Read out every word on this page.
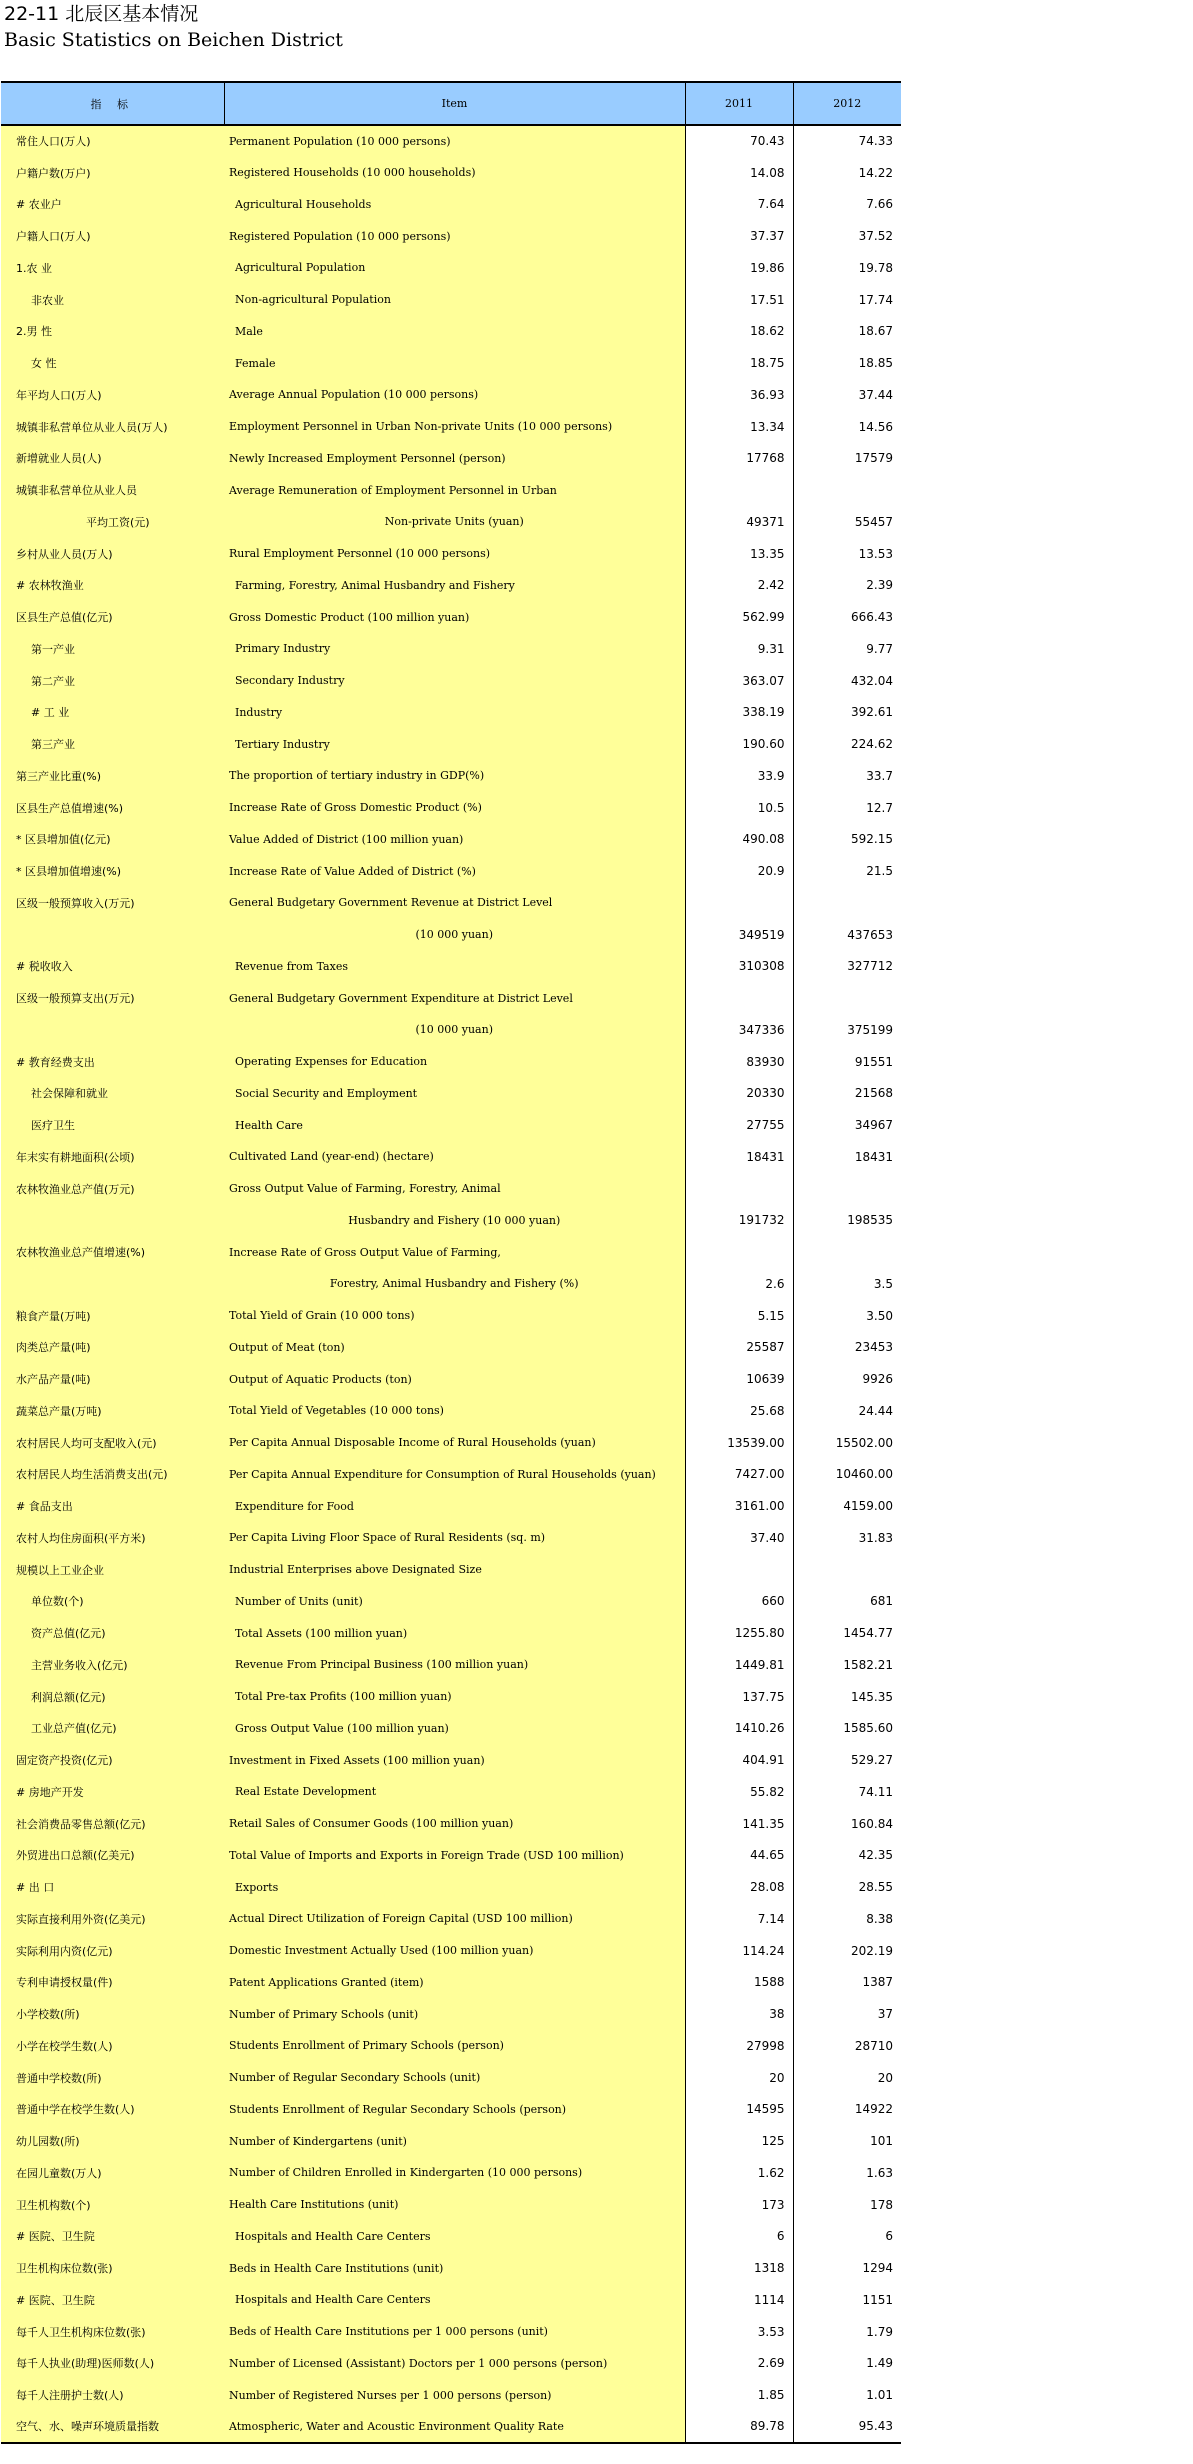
22-11 北辰区基本情况
Basic Statistics on Beichen District
指 标	Item	2011	2012
常住人口(万人)	Permanent Population (10 000 persons)	70.43	74.33
户籍户数(万户)	Registered Households (10 000 households)	14.08	14.22
# 农业户	Agricultural Households	7.64	7.66
户籍人口(万人)	Registered Population (10 000 persons)	37.37	37.52
1.农 业	Agricultural Population	19.86	19.78
非农业	Non-agricultural Population	17.51	17.74
2.男 性	Male	18.62	18.67
女 性	Female	18.75	18.85
年平均人口(万人)	Average Annual Population (10 000 persons)	36.93	37.44
城镇非私营单位从业人员(万人)	Employment Personnel in Urban Non-private Units (10 000 persons)	13.34	14.56
新增就业人员(人)	Newly Increased Employment Personnel (person)	17768	17579
城镇非私营单位从业人员	Average Remuneration of Employment Personnel in Urban		
平均工资(元)	Non-private Units (yuan)	49371	55457
乡村从业人员(万人)	Rural Employment Personnel (10 000 persons)	13.35	13.53
# 农林牧渔业	Farming, Forestry, Animal Husbandry and Fishery	2.42	2.39
区县生产总值(亿元)	Gross Domestic Product (100 million yuan)	562.99	666.43
第一产业	Primary Industry	9.31	9.77
第二产业	Secondary Industry	363.07	432.04
# 工 业	Industry	338.19	392.61
第三产业	Tertiary Industry	190.60	224.62
第三产业比重(%)	The proportion of tertiary industry in GDP(%)	33.9	33.7
区县生产总值增速(%)	Increase Rate of Gross Domestic Product (%)	10.5	12.7
* 区县增加值(亿元)	Value Added of District (100 million yuan)	490.08	592.15
* 区县增加值增速(%)	Increase Rate of Value Added of District (%)	20.9	21.5
区级一般预算收入(万元)	General Budgetary Government Revenue at District Level		
	(10 000 yuan)	349519	437653
# 税收收入	Revenue from Taxes	310308	327712
区级一般预算支出(万元)	General Budgetary Government Expenditure at District Level		
	(10 000 yuan)	347336	375199
# 教育经费支出	Operating Expenses for Education	83930	91551
社会保障和就业	Social Security and Employment	20330	21568
医疗卫生	Health Care	27755	34967
年末实有耕地面积(公顷)	Cultivated Land (year-end) (hectare)	18431	18431
农林牧渔业总产值(万元)	Gross Output Value of Farming, Forestry, Animal		
	Husbandry and Fishery (10 000 yuan)	191732	198535
农林牧渔业总产值增速(%)	Increase Rate of Gross Output Value of Farming,		
	Forestry, Animal Husbandry and Fishery (%)	2.6	3.5
粮食产量(万吨)	Total Yield of Grain (10 000 tons)	5.15	3.50
肉类总产量(吨)	Output of Meat (ton)	25587	23453
水产品产量(吨)	Output of Aquatic Products (ton)	10639	9926
蔬菜总产量(万吨)	Total Yield of Vegetables (10 000 tons)	25.68	24.44
农村居民人均可支配收入(元)	Per Capita Annual Disposable Income of Rural Households (yuan)	13539.00	15502.00
农村居民人均生活消费支出(元)	Per Capita Annual Expenditure for Consumption of Rural Households (yuan)	7427.00	10460.00
# 食品支出	Expenditure for Food	3161.00	4159.00
农村人均住房面积(平方米)	Per Capita Living Floor Space of Rural Residents (sq. m)	37.40	31.83
规模以上工业企业	Industrial Enterprises above Designated Size		
单位数(个)	Number of Units (unit)	660	681
资产总值(亿元)	Total Assets (100 million yuan)	1255.80	1454.77
主营业务收入(亿元)	Revenue From Principal Business (100 million yuan)	1449.81	1582.21
利润总额(亿元)	Total Pre-tax Profits (100 million yuan)	137.75	145.35
工业总产值(亿元)	Gross Output Value (100 million yuan)	1410.26	1585.60
固定资产投资(亿元)	Investment in Fixed Assets (100 million yuan)	404.91	529.27
# 房地产开发	Real Estate Development	55.82	74.11
社会消费品零售总额(亿元)	Retail Sales of Consumer Goods (100 million yuan)	141.35	160.84
外贸进出口总额(亿美元)	Total Value of Imports and Exports in Foreign Trade (USD 100 million)	44.65	42.35
# 出 口	Exports	28.08	28.55
实际直接利用外资(亿美元)	Actual Direct Utilization of Foreign Capital (USD 100 million)	7.14	8.38
实际利用内资(亿元)	Domestic Investment Actually Used (100 million yuan)	114.24	202.19
专利申请授权量(件)	Patent Applications Granted (item)	1588	1387
小学校数(所)	Number of Primary Schools (unit)	38	37
小学在校学生数(人)	Students Enrollment of Primary Schools (person)	27998	28710
普通中学校数(所)	Number of Regular Secondary Schools (unit)	20	20
普通中学在校学生数(人)	Students Enrollment of Regular Secondary Schools (person)	14595	14922
幼儿园数(所)	Number of Kindergartens (unit)	125	101
在园儿童数(万人)	Number of Children Enrolled in Kindergarten (10 000 persons)	1.62	1.63
卫生机构数(个)	Health Care Institutions (unit)	173	178
# 医院、卫生院	Hospitals and Health Care Centers	6	6
卫生机构床位数(张)	Beds in Health Care Institutions (unit)	1318	1294
# 医院、卫生院	Hospitals and Health Care Centers	1114	1151
每千人卫生机构床位数(张)	Beds of Health Care Institutions per 1 000 persons (unit)	3.53	1.79
每千人执业(助理)医师数(人)	Number of Licensed (Assistant) Doctors per 1 000 persons (person)	2.69	1.49
每千人注册护士数(人)	Number of Registered Nurses per 1 000 persons (person)	1.85	1.01
空气、水、噪声环境质量指数	Atmospheric, Water and Acoustic Environment Quality Rate	89.78	95.43
